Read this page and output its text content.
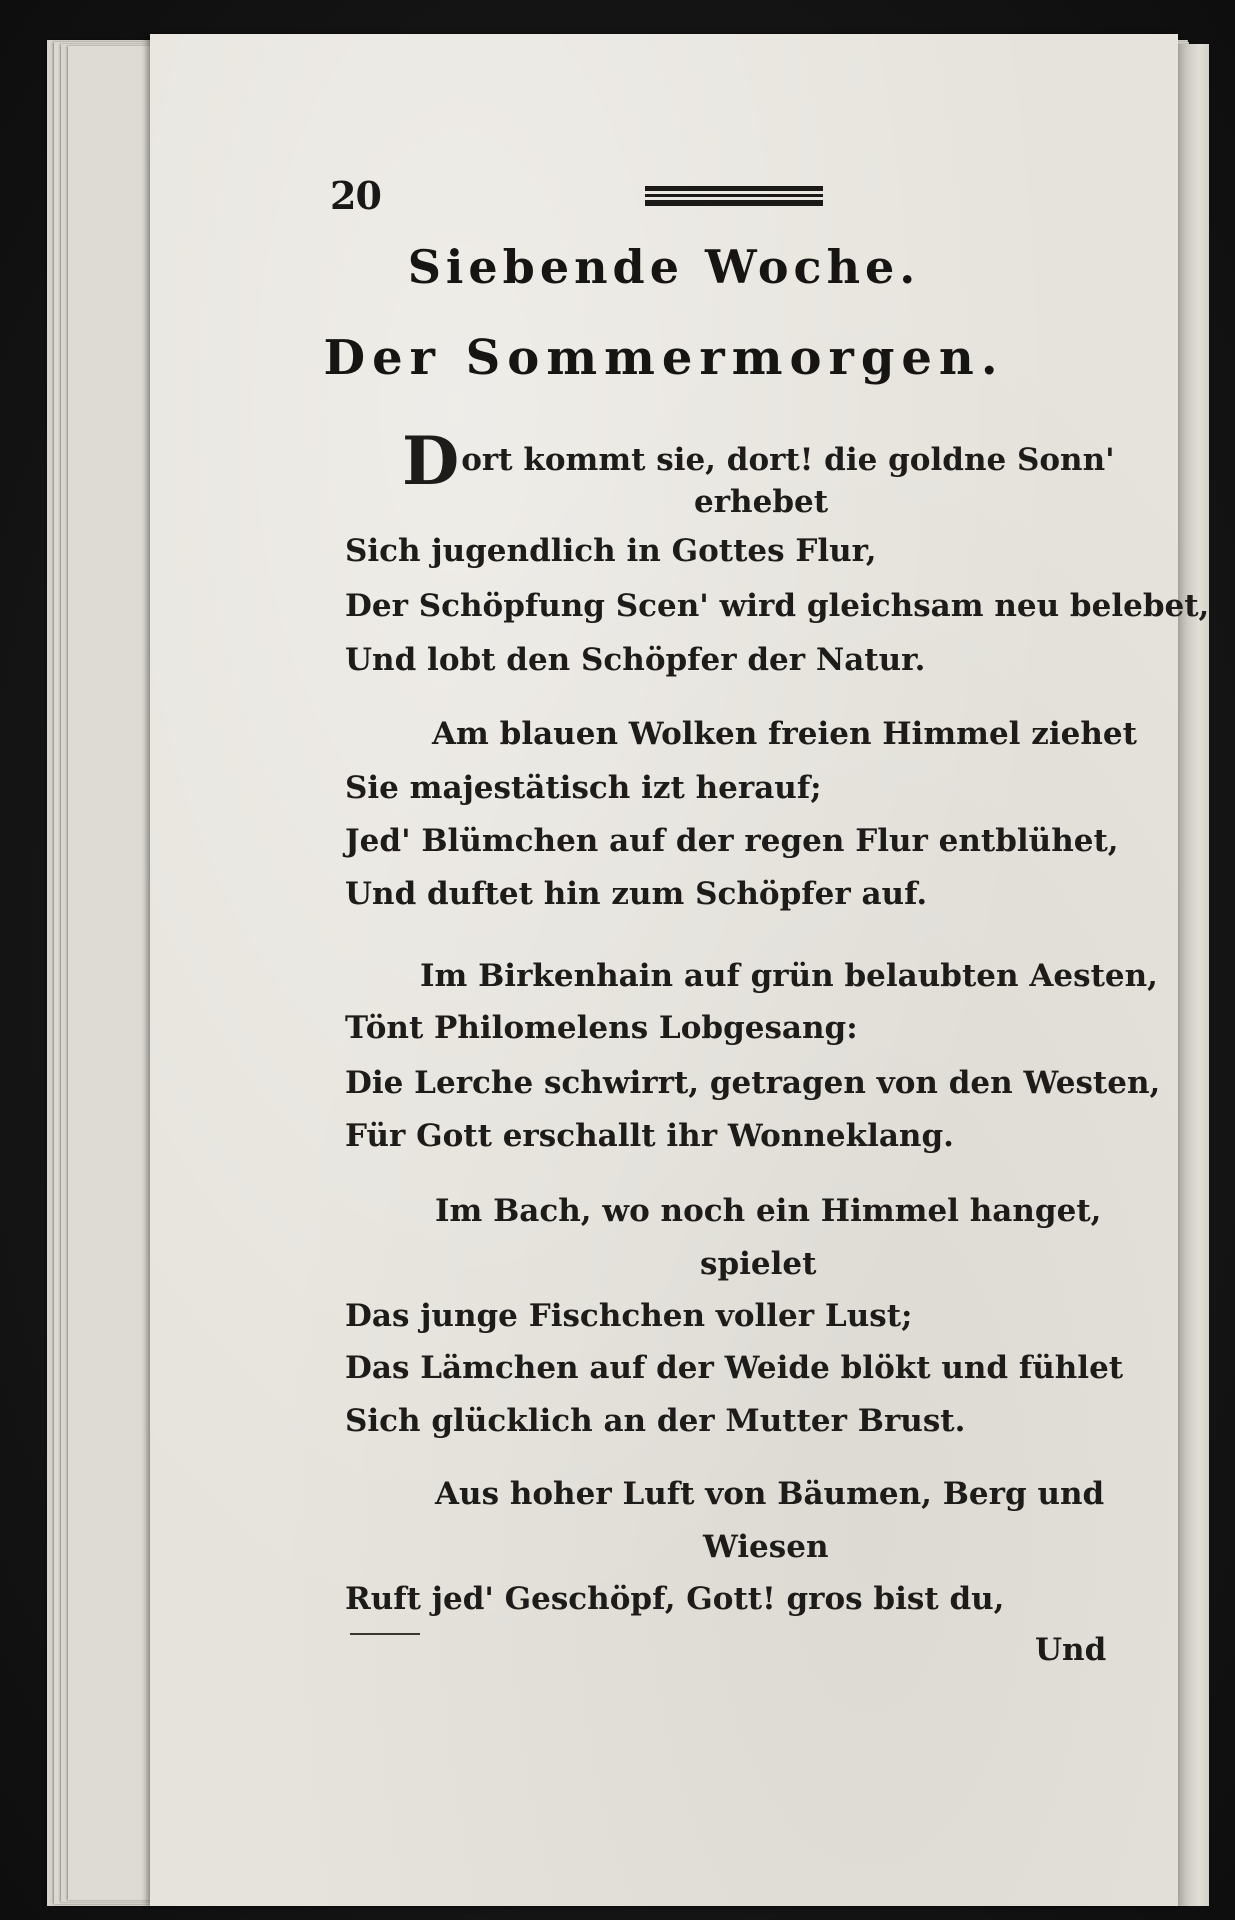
20
Siebende Woche.
Der Sommermorgen.
Dort kommt sie, dort! die goldne Sonn'
erhebet
Sich jugendlich in Gottes Flur,
Der Schöpfung Scen' wird gleichsam neu belebet,
Und lobt den Schöpfer der Natur.
Am blauen Wolken freien Himmel ziehet
Sie majestätisch izt herauf;
Jed' Blümchen auf der regen Flur entblühet,
Und duftet hin zum Schöpfer auf.
Im Birkenhain auf grün belaubten Aesten,
Tönt Philomelens Lobgesang:
Die Lerche schwirrt, getragen von den Westen,
Für Gott erschallt ihr Wonneklang.
Im Bach, wo noch ein Himmel hanget,
spielet
Das junge Fischchen voller Lust;
Das Lämchen auf der Weide blökt und fühlet
Sich glücklich an der Mutter Brust.
Aus hoher Luft von Bäumen, Berg und
Wiesen
Ruft jed' Geschöpf, Gott! gros bist du,
Und
